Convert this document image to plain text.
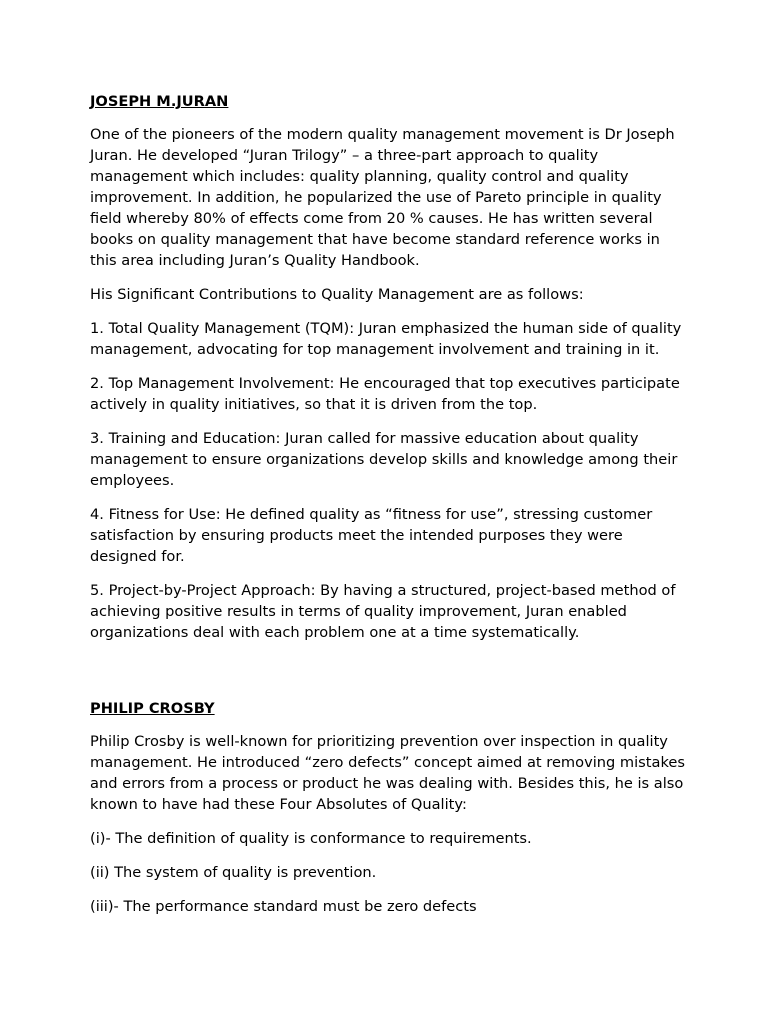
JOSEPH M.JURAN

One of the pioneers of the modern quality management movement is Dr Joseph Juran. He developed “Juran Trilogy” – a three-part approach to quality management which includes: quality planning, quality control and quality improvement. In addition, he popularized the use of Pareto principle in quality field whereby 80% of effects come from 20 % causes. He has written several books on quality management that have become standard reference works in this area including Juran’s Quality Handbook.

His Significant Contributions to Quality Management are as follows:

1. Total Quality Management (TQM): Juran emphasized the human side of quality management, advocating for top management involvement and training in it.

2. Top Management Involvement: He encouraged that top executives participate actively in quality initiatives, so that it is driven from the top.

3. Training and Education: Juran called for massive education about quality management to ensure organizations develop skills and knowledge among their employees.

4. Fitness for Use: He defined quality as “fitness for use”, stressing customer satisfaction by ensuring products meet the intended purposes they were designed for.

5. Project-by-Project Approach: By having a structured, project-based method of achieving positive results in terms of quality improvement, Juran enabled organizations deal with each problem one at a time systematically.

PHILIP CROSBY

Philip Crosby is well-known for prioritizing prevention over inspection in quality management. He introduced “zero defects” concept aimed at removing mistakes and errors from a process or product he was dealing with. Besides this, he is also known to have had these Four Absolutes of Quality:

(i)- The definition of quality is conformance to requirements.

(ii) The system of quality is prevention.

(iii)- The performance standard must be zero defects
